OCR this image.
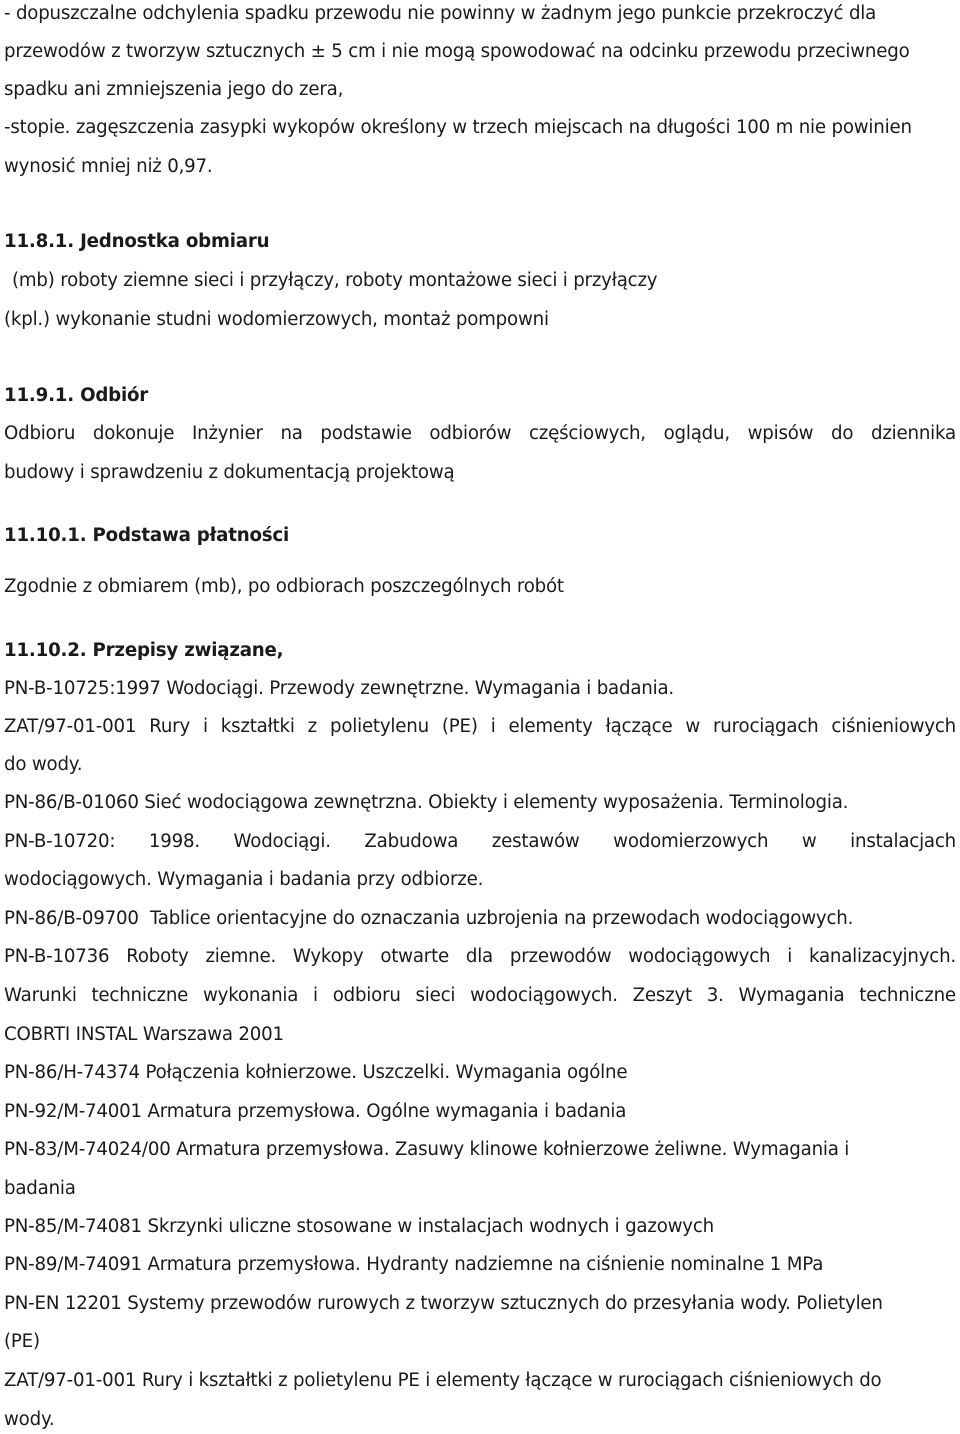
- dopuszczalne odchylenia spadku przewodu nie powinny w żadnym jego punkcie przekroczyć dla
przewodów z tworzyw sztucznych ± 5 cm i nie mogą spowodować na odcinku przewodu przeciwnego
spadku ani zmniejszenia jego do zera,
-stopie. zagęszczenia zasypki wykopów określony w trzech miejscach na długości 100 m nie powinien
wynosić mniej niż 0,97.
11.8.1. Jednostka obmiaru
(mb) roboty ziemne sieci i przyłączy, roboty montażowe sieci i przyłączy
(kpl.) wykonanie studni wodomierzowych, montaż pompowni
11.9.1. Odbiór
Odbioru dokonuje Inżynier na podstawie odbiorów częściowych, oglądu, wpisów do dziennika
budowy i sprawdzeniu z dokumentacją projektową
11.10.1. Podstawa płatności
Zgodnie z obmiarem (mb), po odbiorach poszczególnych robót
11.10.2. Przepisy związane,
PN-B-10725:1997 Wodociągi. Przewody zewnętrzne. Wymagania i badania.
ZAT/97-01-001 Rury i kształtki z polietylenu (PE) i elementy łączące w rurociągach ciśnieniowych
do wody.
PN-86/B-01060 Sieć wodociągowa zewnętrzna. Obiekty i elementy wyposażenia. Terminologia.
PN-B-10720: 1998. Wodociągi. Zabudowa zestawów wodomierzowych w instalacjach
wodociągowych. Wymagania i badania przy odbiorze.
PN-86/B-09700  Tablice orientacyjne do oznaczania uzbrojenia na przewodach wodociągowych.
PN-B-10736 Roboty ziemne. Wykopy otwarte dla przewodów wodociągowych i kanalizacyjnych.
Warunki techniczne wykonania i odbioru sieci wodociągowych. Zeszyt 3. Wymagania techniczne
COBRTI INSTAL Warszawa 2001
PN-86/H-74374 Połączenia kołnierzowe. Uszczelki. Wymagania ogólne
PN-92/M-74001 Armatura przemysłowa. Ogólne wymagania i badania
PN-83/M-74024/00 Armatura przemysłowa. Zasuwy klinowe kołnierzowe żeliwne. Wymagania i
badania
PN-85/M-74081 Skrzynki uliczne stosowane w instalacjach wodnych i gazowych
PN-89/M-74091 Armatura przemysłowa. Hydranty nadziemne na ciśnienie nominalne 1 MPa
PN-EN 12201 Systemy przewodów rurowych z tworzyw sztucznych do przesyłania wody. Polietylen
(PE)
ZAT/97-01-001 Rury i kształtki z polietylenu PE i elementy łączące w rurociągach ciśnieniowych do
wody.
